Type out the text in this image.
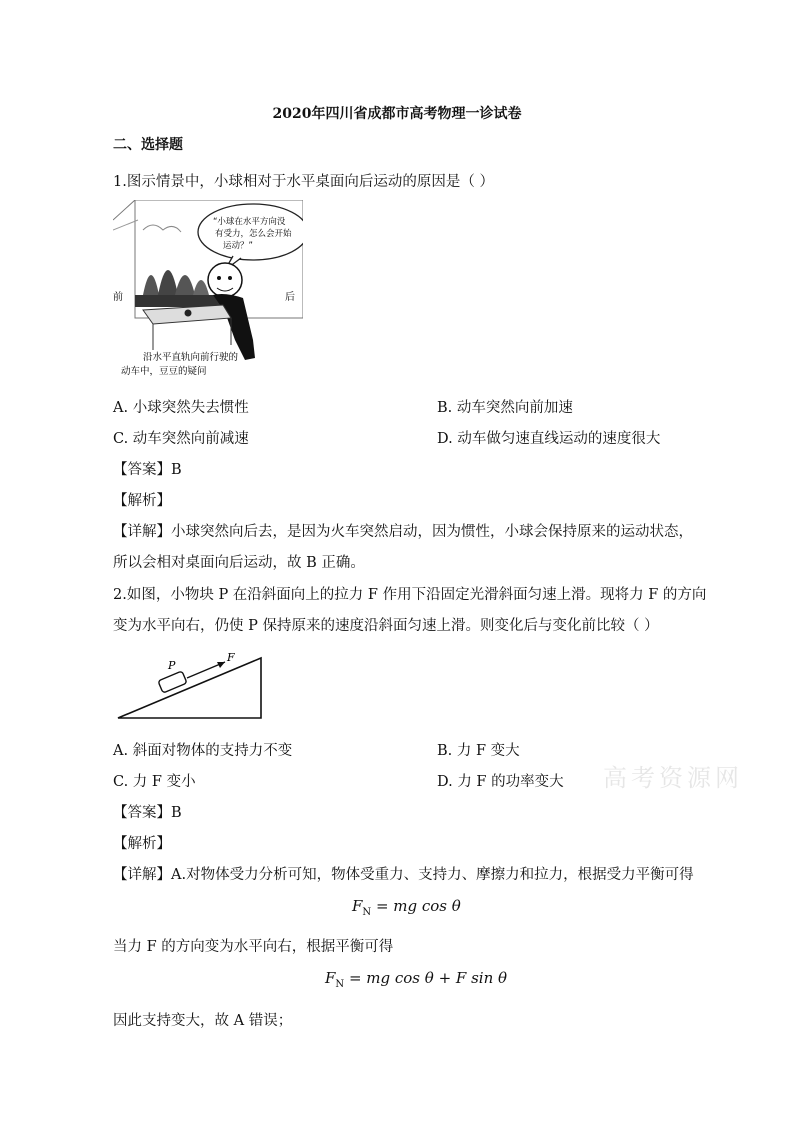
2020年四川省成都市高考物理一诊试卷
二、选择题
1.图示情景中，小球相对于水平桌面向后运动的原因是（ ）
“小球在水平方向没
有受力，怎么会开始
运动？”
前	后
沿水平直轨向前行驶的
动车中，豆豆的疑问
A. 小球突然失去惯性	B. 动车突然向前加速
C. 动车突然向前减速	D. 动车做匀速直线运动的速度很大
【答案】B
【解析】
【详解】小球突然向后去，是因为火车突然启动，因为惯性，小球会保持原来的运动状态，
所以会相对桌面向后运动，故 B 正确。
2.如图，小物块 P 在沿斜面向上的拉力 F 作用下沿固定光滑斜面匀速上滑。现将力 F 的方向
变为水平向右，仍使 P 保持原来的速度沿斜面匀速上滑。则变化后与变化前比较（ ）
P
F
A. 斜面对物体的支持力不变	B. 力 F 变大
C. 力 F 变小	D. 力 F 的功率变大 高考资源网
【答案】B
【解析】
【详解】A.对物体受力分析可知，物体受重力、支持力、摩擦力和拉力，根据受力平衡可得
$F_N$ = mg cos θ
当力 F 的方向变为水平向右，根据平衡可得
$F_N$ = mg cos θ + F sin θ
因此支持变大，故 A 错误；
